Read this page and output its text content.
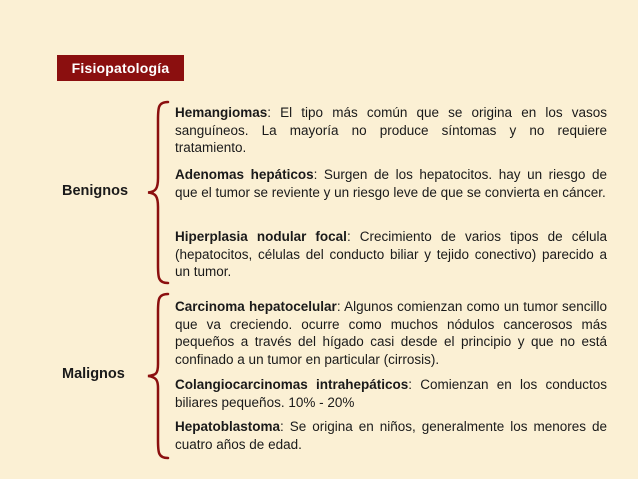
Fisiopatología
Benignos
Hemangiomas: El tipo más común que se origina en los vasos sanguíneos. La mayoría no produce síntomas y no requiere tratamiento.
Adenomas hepáticos: Surgen de los hepatocitos. hay un riesgo de que el tumor se reviente y un riesgo leve de que se convierta en cáncer.
Hiperplasia nodular focal: Crecimiento de varios tipos de célula (hepatocitos, células del conducto biliar y tejido conectivo) parecido a un tumor.
Malignos
Carcinoma hepatocelular: Algunos comienzan como un tumor sencillo que va creciendo. ocurre como muchos nódulos cancerosos más pequeños a través del hígado casi desde el principio y que no está confinado a un tumor en particular (cirrosis).
Colangiocarcinomas intrahepáticos: Comienzan en los conductos biliares pequeños. 10% - 20%
Hepatoblastoma: Se origina en niños, generalmente los menores de cuatro años de edad.
